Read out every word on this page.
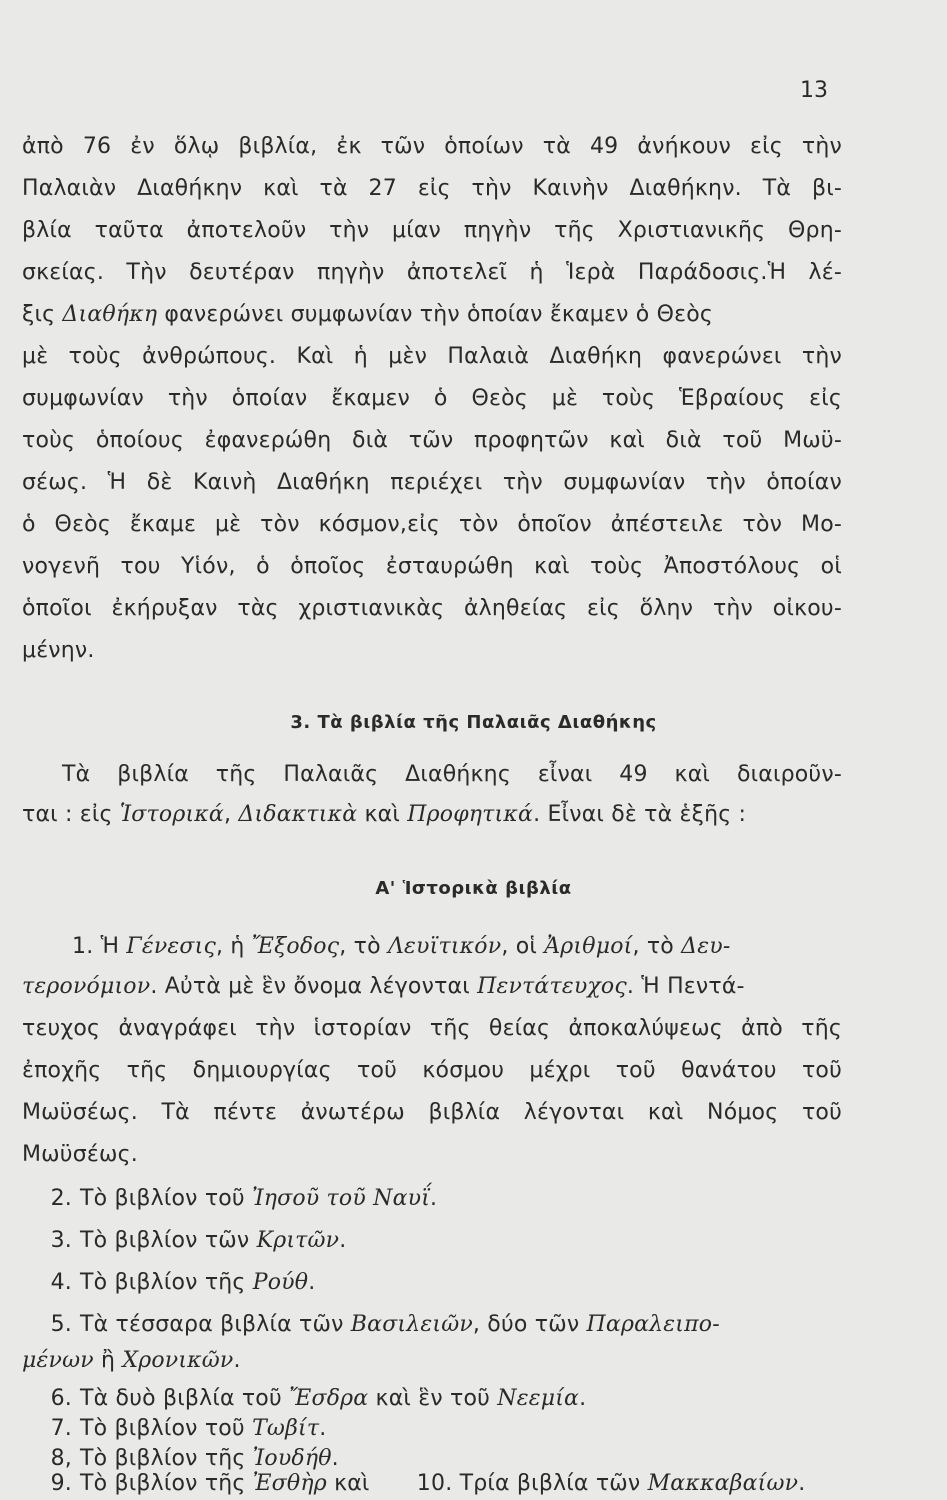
13
ἀπὸ 76 ἐν ὅλῳ βιβλία, ἐκ τῶν ὁποίων τὰ 49 ἀνήκουν εἰς τὴν
Παλαιὰν Διαθήκην καὶ τὰ 27 εἰς τὴν Καινὴν Διαθήκην. Τὰ βι-
βλία ταῦτα ἀποτελοῦν τὴν μίαν πηγὴν τῆς Χριστιανικῆς Θρη-
σκείας. Τὴν δευτέραν πηγὴν ἀποτελεῖ ἡ Ἱερὰ Παράδοσις.Ἡ λέ-
ξις Διαθήκη φανερώνει συμφωνίαν τὴν ὁποίαν ἔκαμεν ὁ Θεὸς
μὲ τοὺς ἀνθρώπους. Καὶ ἡ μὲν Παλαιὰ Διαθήκη φανερώνει τὴν
συμφωνίαν τὴν ὁποίαν ἔκαμεν ὁ Θεὸς μὲ τοὺς Ἑβραίους εἰς
τοὺς ὁποίους ἐφανερώθη διὰ τῶν προφητῶν καὶ διὰ τοῦ Μωϋ-
σέως. Ἡ δὲ Καινὴ Διαθήκη περιέχει τὴν συμφωνίαν τὴν ὁποίαν
ὁ Θεὸς ἔκαμε μὲ τὸν κόσμον,εἰς τὸν ὁποῖον ἀπέστειλε τὸν Μο-
νογενῆ του Υἱόν, ὁ ὁποῖος ἐσταυρώθη καὶ τοὺς Ἀποστόλους οἱ
ὁποῖοι ἐκήρυξαν τὰς χριστιανικὰς ἀληθείας εἰς ὅλην τὴν οἰκου-
μένην.
3. Τὰ βιβλία τῆς Παλαιᾶς Διαθήκης
Τὰ βιβλία τῆς Παλαιᾶς Διαθήκης εἶναι 49 καὶ διαιροῦν-
ται : εἰς Ἱστορικά, Διδακτικὰ καὶ Προφητικά. Εἶναι δὲ τὰ ἑξῆς :
Α' Ἱστορικὰ βιβλία
1. Ἡ Γένεσις, ἡ Ἔξοδος, τὸ Λευϊτικόν, οἱ Ἀριθμοί, τὸ Δευ-
τερονόμιον. Αὐτὰ μὲ ἓν ὄνομα λέγονται Πεντάτευχος. Ἡ Πεντά-
τευχος ἀναγράφει τὴν ἱστορίαν τῆς θείας ἀποκαλύψεως ἀπὸ τῆς
ἐποχῆς τῆς δημιουργίας τοῦ κόσμου μέχρι τοῦ θανάτου τοῦ
Μωϋσέως. Τὰ πέντε ἀνωτέρω βιβλία λέγονται καὶ Νόμος τοῦ
Μωϋσέως.
2. Τὸ βιβλίον τοῦ Ἰησοῦ τοῦ Ναυΐ.
3. Τὸ βιβλίον τῶν Κριτῶν.
4. Τὸ βιβλίον τῆς Ρούθ.
5. Τὰ τέσσαρα βιβλία τῶν Βασιλειῶν, δύο τῶν Παραλειπο-
μένων ἢ Χρονικῶν.
6. Τὰ δυὸ βιβλία τοῦ Ἔσδρα καὶ ἓν τοῦ Νεεμία.
7. Τὸ βιβλίον τοῦ Τωβίτ.
8, Τὸ βιβλίον τῆς Ἰουδήθ.
9. Τὸ βιβλίον τῆς Ἐσθὴρ καὶ 10. Τρία βιβλία τῶν Μακκαβαίων.
